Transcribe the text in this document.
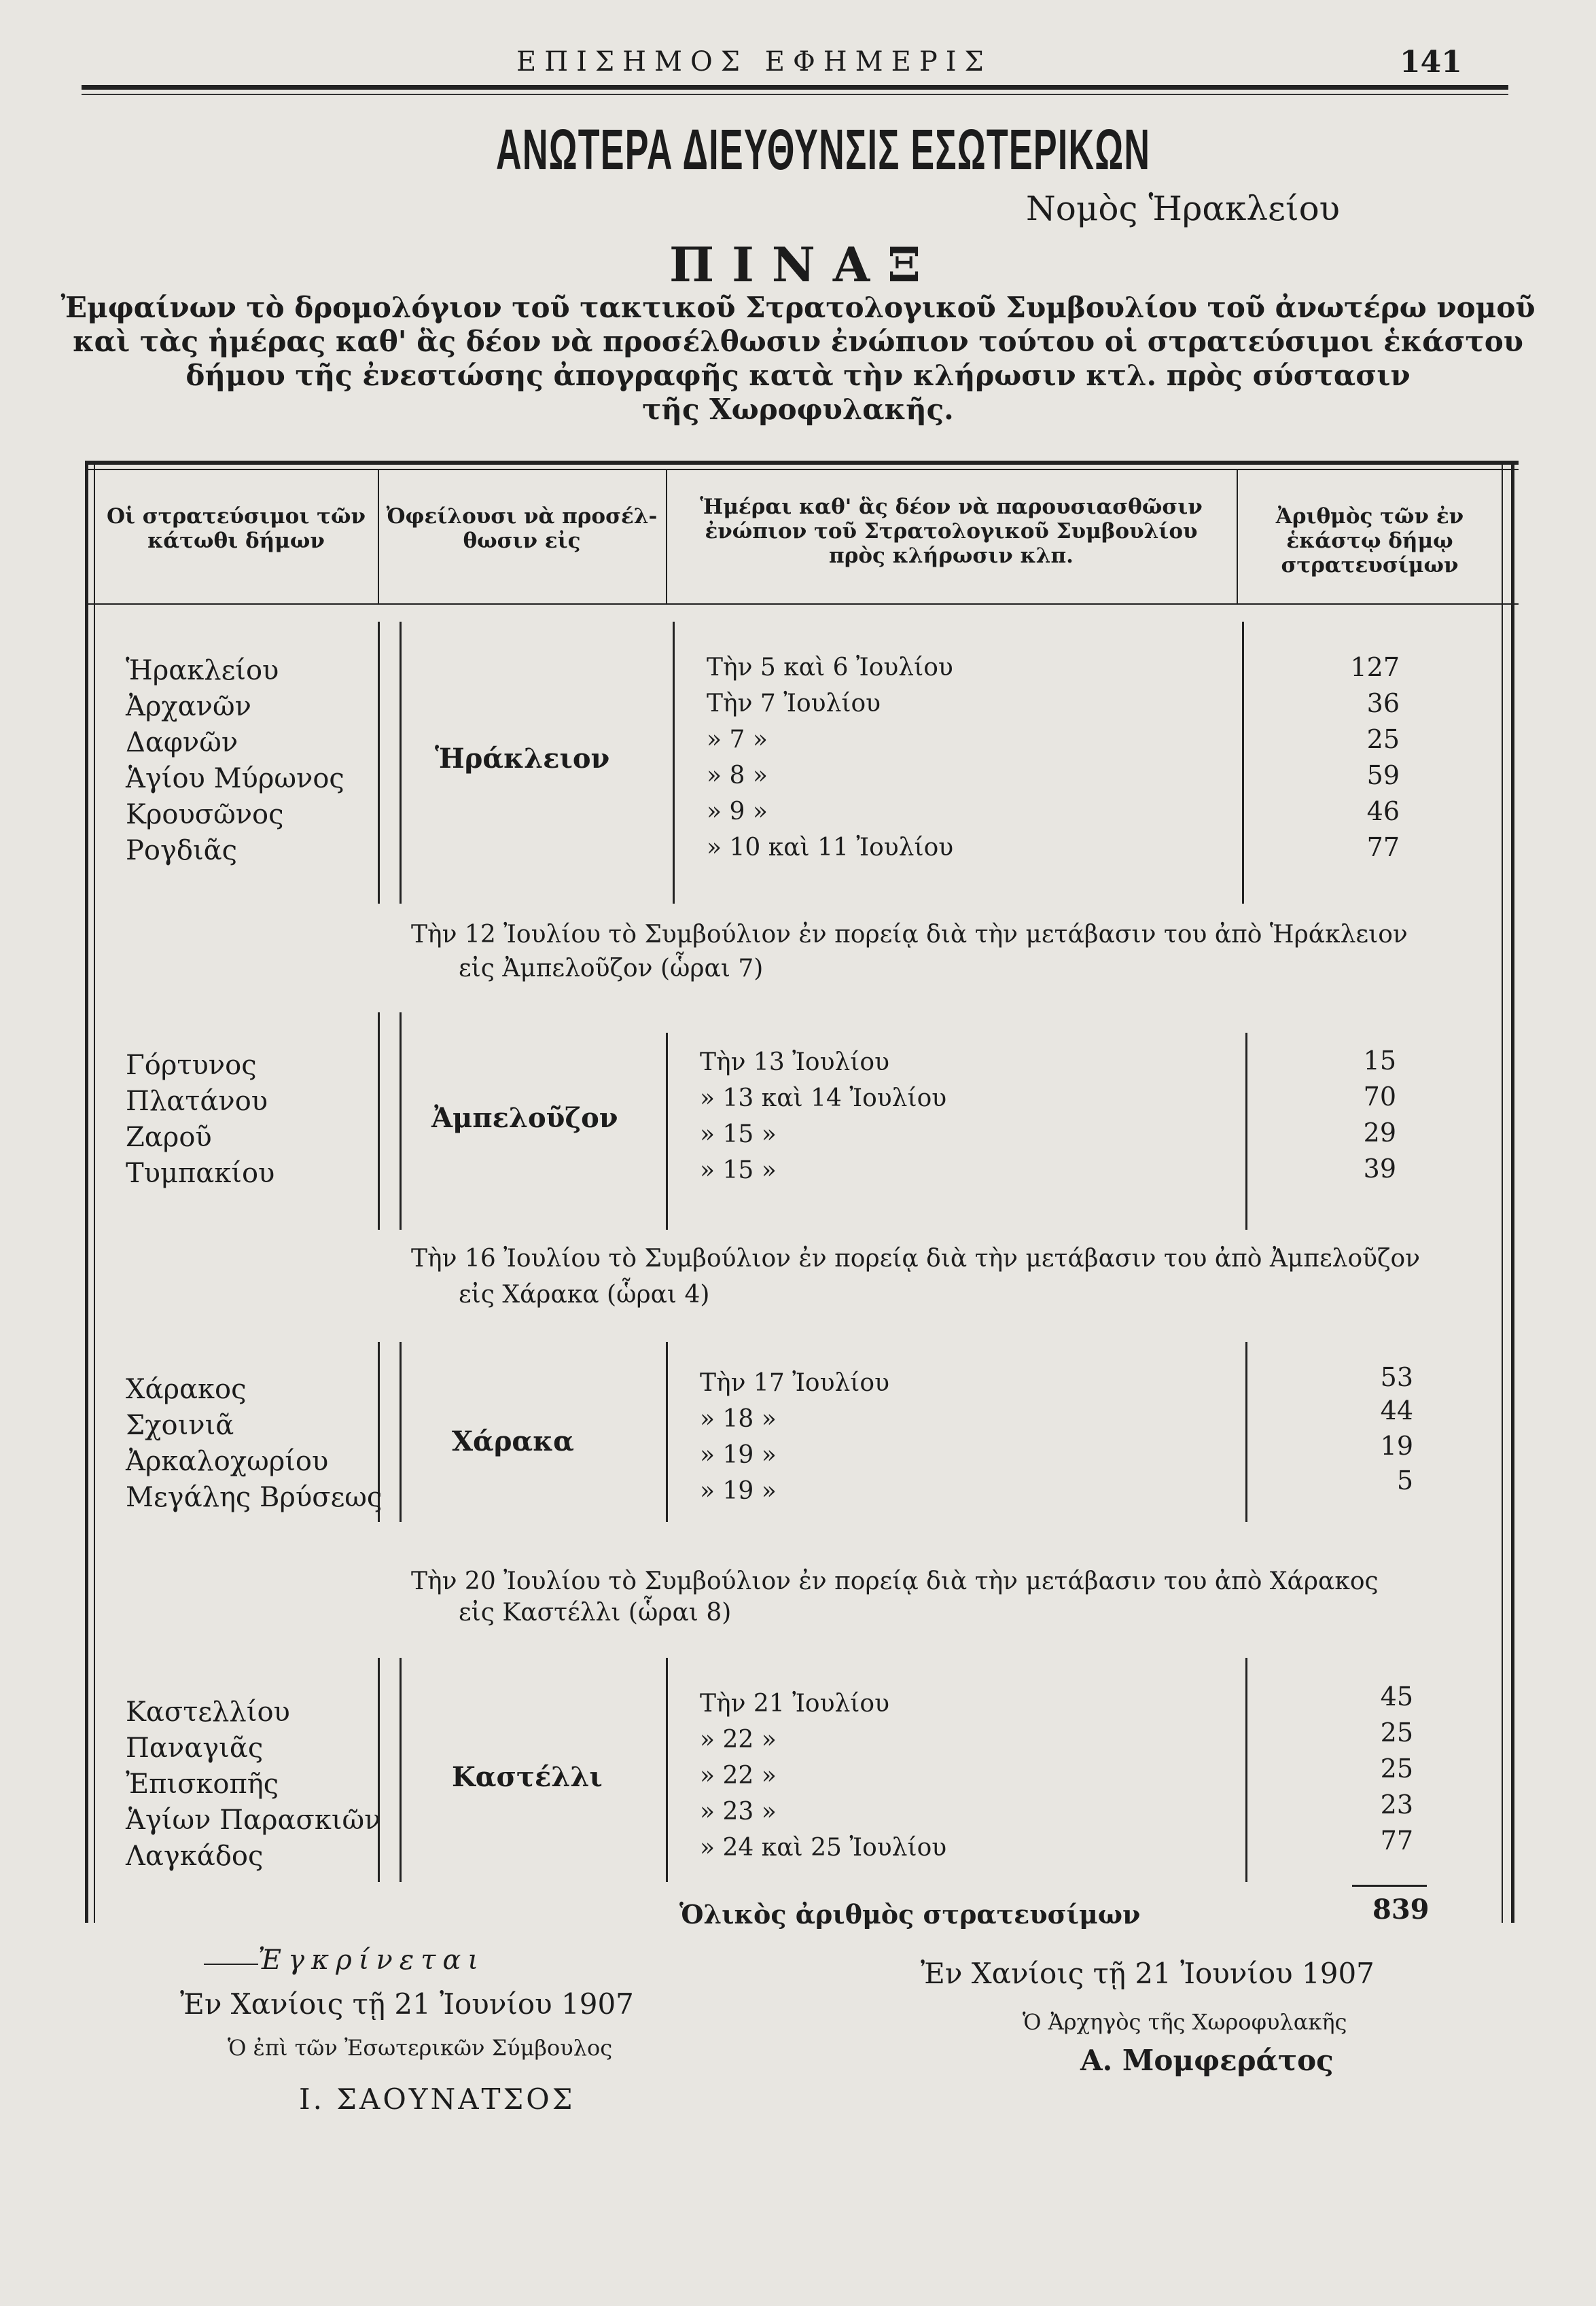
ΕΠΙΣΗΜΟΣ ΕΦΗΜΕΡΙΣ	141
ΑΝΩΤΕΡΑ ΔΙΕΥΘΥΝΣΙΣ ΕΣΩΤΕΡΙΚΩΝ
Νομὸς Ἡρακλείου
ΠΙΝΑΞ
Ἐμφαίνων τὸ δρομολόγιον τοῦ τακτικοῦ Στρατολογικοῦ Συμβουλίου τοῦ ἀνωτέρω νομοῦ
καὶ τὰς ἡμέρας καθ' ἃς δέον νὰ προσέλθωσιν ἐνώπιον τούτου οἱ στρατεύσιμοι ἑκάστου
δήμου τῆς ἐνεστώσης ἀπογραφῆς κατὰ τὴν κλήρωσιν κτλ. πρὸς σύστασιν
τῆς Χωροφυλακῆς.
Οἱ στρατεύσιμοι τῶν
κάτωθι δήμων
Ὀφείλουσι νὰ προσέλ-
θωσιν εἰς
Ἡμέραι καθ' ἃς δέον νὰ παρουσιασθῶσιν
ἐνώπιον τοῦ Στρατολογικοῦ Συμβουλίου
πρὸς κλήρωσιν κλπ.
Ἀριθμὸς τῶν ἐν
ἑκάστῳ δήμῳ
στρατευσίμων
Ἡράκλειον
Ἡρακλείου
Ἀρχανῶν
Δαφνῶν
Ἁγίου Μύρωνος
Κρουσῶνος
Ρογδιᾶς
Τὴν 5 καὶ 6 Ἰουλίου
Τὴν 7 Ἰουλίου
» 7 »
» 8 »
» 9 »
» 10 καὶ 11 Ἰουλίου
127
36
25
59
46
77
Τὴν 12 Ἰουλίου τὸ Συμβούλιον ἐν πορείᾳ διὰ τὴν μετάβασιν του ἀπὸ Ἡράκλειον
εἰς Ἀμπελοῦζον (ὧραι 7)
Ἀμπελοῦζον
Γόρτυνος
Πλατάνου
Ζαροῦ
Τυμπακίου
Τὴν 13 Ἰουλίου
» 13 καὶ 14 Ἰουλίου
» 15 »
» 15 »
15
70
29
39
Τὴν 16 Ἰουλίου τὸ Συμβούλιον ἐν πορείᾳ διὰ τὴν μετάβασιν του ἀπὸ Ἀμπελοῦζον
εἰς Χάρακα (ὧραι 4)
Χάρακα
Χάρακος
Σχοινιᾶ
Ἀρκαλοχωρίου
Μεγάλης Βρύσεως
Τὴν 17 Ἰουλίου
» 18 »
» 19 »
» 19 »
53
44
19
5
Τὴν 20 Ἰουλίου τὸ Συμβούλιον ἐν πορείᾳ διὰ τὴν μετάβασιν του ἀπὸ Χάρακος
εἰς Καστέλλι (ὧραι 8)
Καστέλλι
Καστελλίου
Παναγιᾶς
Ἐπισκοπῆς
Ἁγίων Παρασκιῶν
Λαγκάδος
Τὴν 21 Ἰουλίου
» 22 »
» 22 »
» 23 »
» 24 καὶ 25 Ἰουλίου
45
25
25
23
77
Ὁλικὸς ἀριθμὸς στρατευσίμων	839
Ἐγκρίνεται
Ἐν Χανίοις τῇ 21 Ἰουνίου 1907
Ὁ ἐπὶ τῶν Ἐσωτερικῶν Σύμβουλος
Ι. ΣΑΟΥΝΑΤΣΟΣ
Ἐν Χανίοις τῇ 21 Ἰουνίου 1907
Ὁ Ἀρχηγὸς τῆς Χωροφυλακῆς
Α. Μομφεράτος
